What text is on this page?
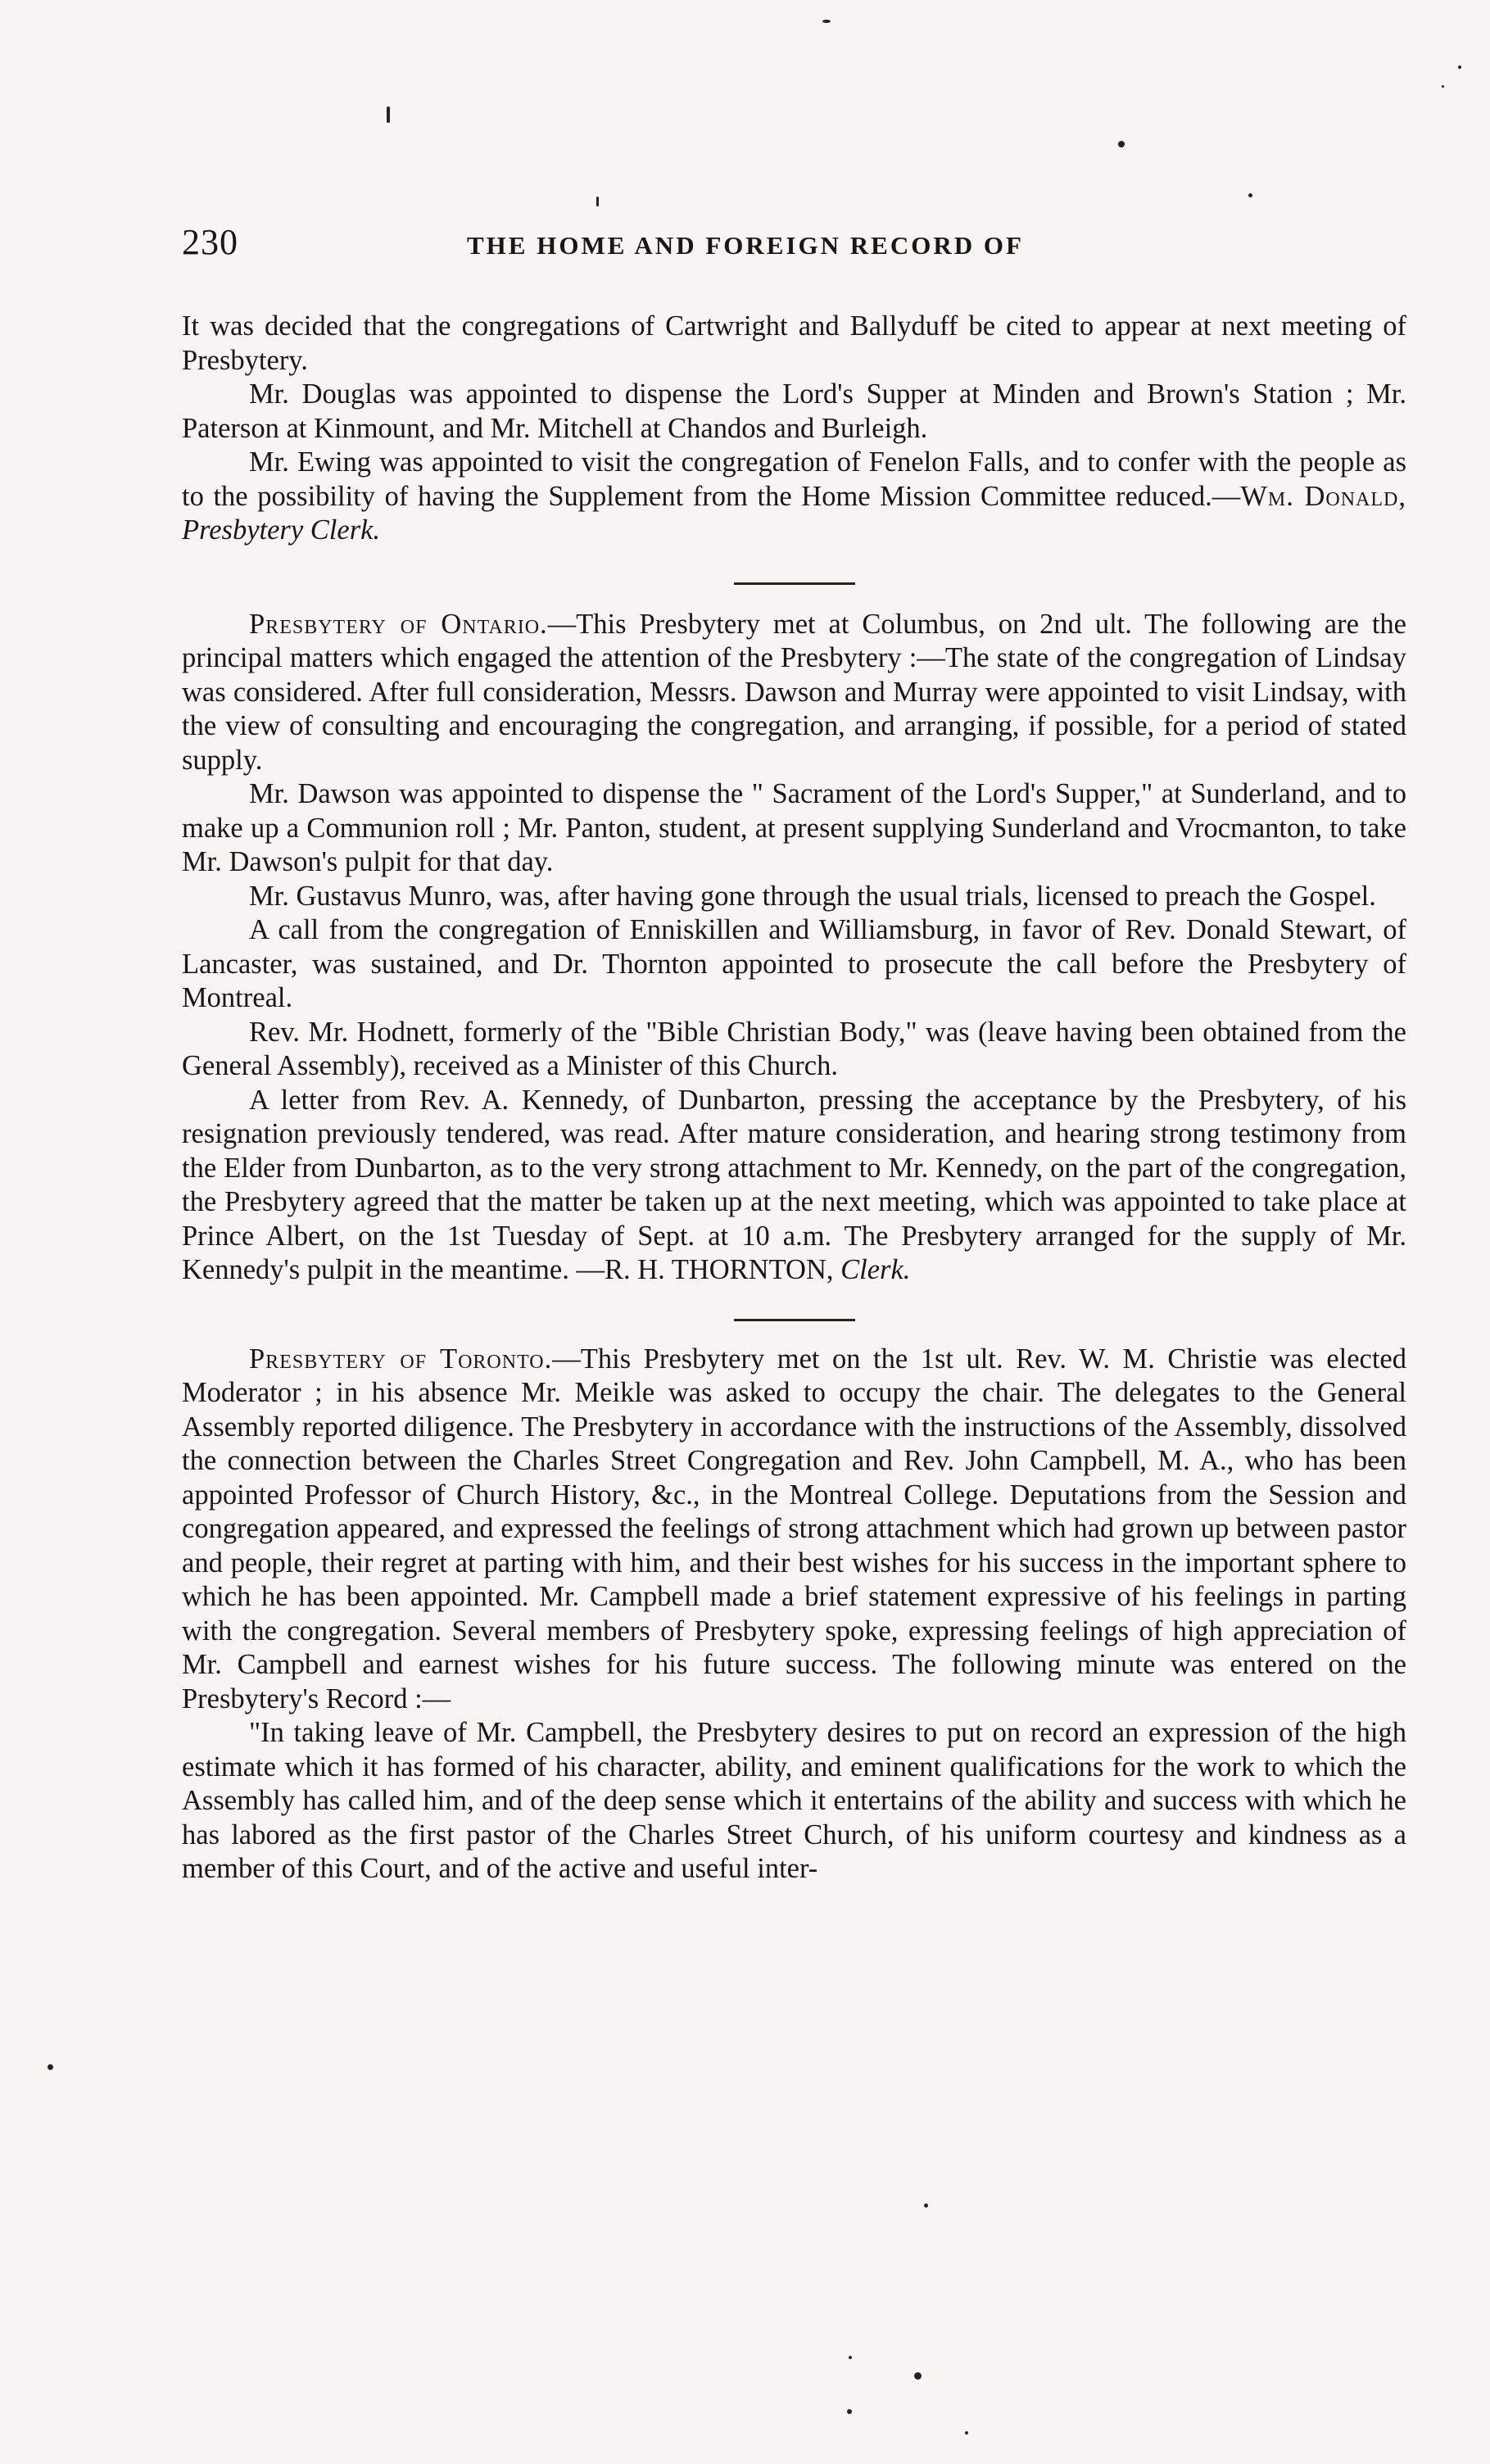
230	THE HOME AND FOREIGN RECORD OF

It was decided that the congregations of Cartwright and Ballyduff be cited to appear at next meeting of Presbytery.

Mr. Douglas was appointed to dispense the Lord's Supper at Minden and Brown's Station ; Mr. Paterson at Kinmount, and Mr. Mitchell at Chandos and Burleigh.

Mr. Ewing was appointed to visit the congregation of Fenelon Falls, and to confer with the people as to the possibility of having the Supplement from the Home Mission Committee reduced.—Wm. Donald, Presbytery Clerk.

Presbytery of Ontario.—This Presbytery met at Columbus, on 2nd ult. The following are the principal matters which engaged the attention of the Presbytery :—The state of the congregation of Lindsay was considered. After full consideration, Messrs. Dawson and Murray were appointed to visit Lindsay, with the view of consulting and encouraging the congregation, and arranging, if possible, for a period of stated supply.

Mr. Dawson was appointed to dispense the " Sacrament of the Lord's Supper," at Sunderland, and to make up a Communion roll ; Mr. Panton, student, at present supplying Sunderland and Vrocmanton, to take Mr. Dawson's pulpit for that day.

Mr. Gustavus Munro, was, after having gone through the usual trials, licensed to preach the Gospel.

A call from the congregation of Enniskillen and Williamsburg, in favor of Rev. Donald Stewart, of Lancaster, was sustained, and Dr. Thornton appointed to prosecute the call before the Presbytery of Montreal.

Rev. Mr. Hodnett, formerly of the "Bible Christian Body," was (leave having been obtained from the General Assembly), received as a Minister of this Church.

A letter from Rev. A. Kennedy, of Dunbarton, pressing the acceptance by the Presbytery, of his resignation previously tendered, was read. After mature consideration, and hearing strong testimony from the Elder from Dunbarton, as to the very strong attachment to Mr. Kennedy, on the part of the congregation, the Presbytery agreed that the matter be taken up at the next meeting, which was appointed to take place at Prince Albert, on the 1st Tuesday of Sept. at 10 a.m. The Presbytery arranged for the supply of Mr. Kennedy's pulpit in the meantime. —R. H. THORNTON, Clerk.

Presbytery of Toronto.—This Presbytery met on the 1st ult. Rev. W. M. Christie was elected Moderator ; in his absence Mr. Meikle was asked to occupy the chair. The delegates to the General Assembly reported diligence. The Presbytery in accordance with the instructions of the Assembly, dissolved the connection between the Charles Street Congregation and Rev. John Campbell, M. A., who has been appointed Professor of Church History, &c., in the Montreal College. Deputations from the Session and congregation appeared, and expressed the feelings of strong attachment which had grown up between pastor and people, their regret at parting with him, and their best wishes for his success in the important sphere to which he has been appointed. Mr. Campbell made a brief statement expressive of his feelings in parting with the congregation. Several members of Presbytery spoke, expressing feelings of high appreciation of Mr. Campbell and earnest wishes for his future success. The following minute was entered on the Presbytery's Record :—

"In taking leave of Mr. Campbell, the Presbytery desires to put on record an expression of the high estimate which it has formed of his character, ability, and eminent qualifications for the work to which the Assembly has called him, and of the deep sense which it entertains of the ability and success with which he has labored as the first pastor of the Charles Street Church, of his uniform courtesy and kindness as a member of this Court, and of the active and useful inter-
